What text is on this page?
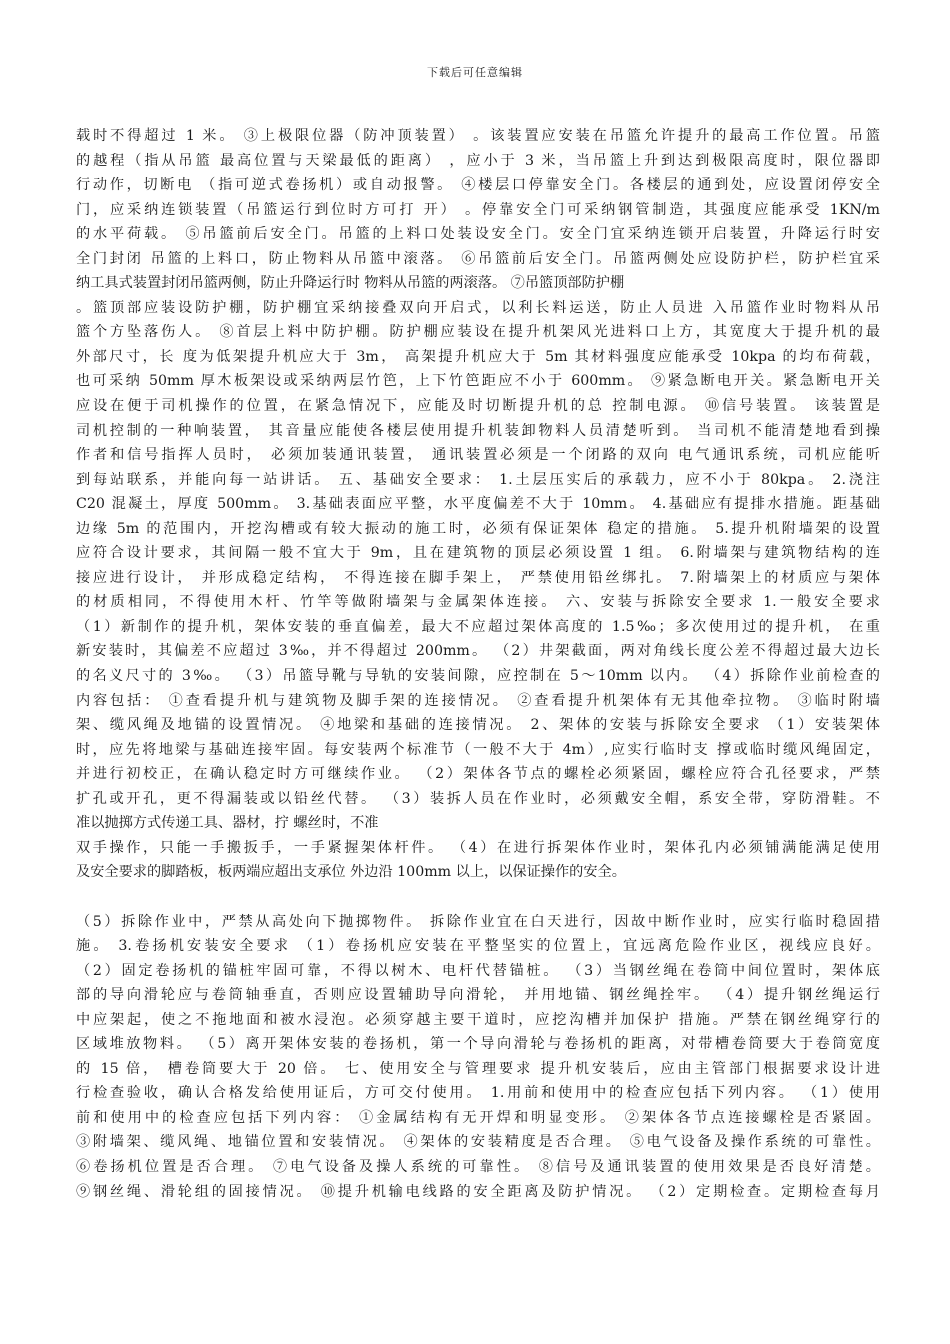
下载后可任意编辑
载时不得超过 1 米。 ③上极限位器（防冲顶装置） 。该装置应安装在吊篮允许提升的最高工作位置。吊篮
的越程（指从吊篮 最高位置与天梁最低的距离） ，应小于 3 米，当吊篮上升到达到极限高度时，限位器即
行动作，切断电 （指可逆式卷扬机）或自动报警。 ④楼层口停靠安全门。各楼层的通到处，应设置闭停安全
门，应采纳连锁装置（吊篮运行到位时方可打 开） 。停靠安全门可采纳钢管制造，其强度应能承受 1KN/m
的水平荷载。 ⑤吊篮前后安全门。吊篮的上料口处装设安全门。安全门宜采纳连锁开启装置，升降运行时安
全门封闭 吊篮的上料口，防止物料从吊篮中滚落。 ⑥吊篮前后安全门。吊篮两侧处应设防护栏，防护栏宜采
纳工具式装置封闭吊篮两侧，防止升降运行时 物料从吊篮的两滚落。 ⑦吊篮顶部防护棚
。篮顶部应装设防护棚，防护棚宜采纳接叠双向开启式，以利长料运送，防止人员进 入吊篮作业时物料从吊
篮个方坠落伤人。 ⑧首层上料中防护棚。防护棚应装设在提升机架风光进料口上方，其宽度大于提升机的最
外部尺寸，长 度为低架提升机应大于 3m， 高架提升机应大于 5m 其材料强度应能承受 10kpa 的均布荷载，
也可采纳 50mm 厚木板架设或采纳两层竹笆，上下竹笆距应不小于 600mm。 ⑨紧急断电开关。紧急断电开关
应设在便于司机操作的位置，在紧急情况下，应能及时切断提升机的总 控制电源。 ⑩信号装置。 该装置是
司机控制的一种响装置， 其音量应能使各楼层使用提升机装卸物料人员清楚听到。 当司机不能清楚地看到操
作者和信号指挥人员时， 必须加装通讯装置， 通讯装置必须是一个闭路的双向 电气通讯系统，司机应能听
到每站联系，并能向每一站讲话。 五、基础安全要求： 1.土层压实后的承载力，应不小于 80kpa。 2.浇注
C20 混凝土，厚度 500mm。 3.基础表面应平整，水平度偏差不大于 10mm。 4.基础应有提排水措施。距基础
边缘 5m 的范围内，开挖沟槽或有较大振动的施工时，必须有保证架体 稳定的措施。 5.提升机附墙架的设置
应符合设计要求，其间隔一般不宜大于 9m，且在建筑物的顶层必须设置 1 组。 6.附墙架与建筑物结构的连
接应进行设计， 并形成稳定结构， 不得连接在脚手架上， 严禁使用铅丝绑扎。 7.附墙架上的材质应与架体
的材质相同，不得使用木杆、竹竿等做附墙架与金属架体连接。 六、安装与拆除安全要求 1.一般安全要求
（1）新制作的提升机，架体安装的垂直偏差，最大不应超过架体高度的 1.5‰；多次使用过的提升机， 在重
新安装时，其偏差不应超过 3‰，并不得超过 200mm。 （2）井架截面，两对角线长度公差不得超过最大边长
的名义尺寸的 3‰。 （3）吊篮导靴与导轨的安装间隙，应控制在 5～10mm 以内。 （4）拆除作业前检查的
内容包括： ①查看提升机与建筑物及脚手架的连接情况。 ②查看提升机架体有无其他牵拉物。 ③临时附墙
架、缆风绳及地锚的设置情况。 ④地梁和基础的连接情况。 2、架体的安装与拆除安全要求 （1）安装架体
时，应先将地梁与基础连接牢固。每安装两个标准节（一般不大于 4m）,应实行临时支 撑或临时缆风绳固定，
并进行初校正，在确认稳定时方可继续作业。 （2）架体各节点的螺栓必须紧固，螺栓应符合孔径要求，严禁
扩孔或开孔，更不得漏装或以铅丝代替。 （3）装拆人员在作业时，必须戴安全帽，系安全带，穿防滑鞋。不
准以抛掷方式传递工具、器材，拧 螺丝时，不准
双手操作，只能一手搬扳手，一手紧握架体杆件。 （4）在进行拆架体作业时，架体孔内必须铺满能满足使用
及安全要求的脚踏板，板两端应超出支承位 外边沿 100mm 以上，以保证操作的安全。
（5）拆除作业中，严禁从高处向下抛掷物件。 拆除作业宜在白天进行，因故中断作业时，应实行临时稳固措
施。 3.卷扬机安装安全要求 （1）卷扬机应安装在平整坚实的位置上，宜远离危险作业区，视线应良好。
（2）固定卷扬机的锚桩牢固可靠，不得以树木、电杆代替锚桩。 （3）当钢丝绳在卷筒中间位置时，架体底
部的导向滑轮应与卷筒轴垂直，否则应设置辅助导向滑轮， 并用地锚、钢丝绳拴牢。 （4）提升钢丝绳运行
中应架起，使之不拖地面和被水浸泡。必须穿越主要干道时，应挖沟槽并加保护 措施。严禁在钢丝绳穿行的
区域堆放物料。 （5）离开架体安装的卷扬机，第一个导向滑轮与卷扬机的距离，对带槽卷筒要大于卷筒宽度
的 15 倍， 槽卷筒要大于 20 倍。 七、使用安全与管理要求 提升机安装后，应由主管部门根据要求设计进
行检查验收，确认合格发给使用证后，方可交付使用。 1.用前和使用中的检查应包括下列内容。 （1）使用
前和使用中的检查应包括下列内容： ①金属结构有无开焊和明显变形。 ②架体各节点连接螺栓是否紧固。
③附墙架、缆风绳、地锚位置和安装情况。 ④架体的安装精度是否合理。 ⑤电气设备及操作系统的可靠性。
⑥卷扬机位置是否合理。 ⑦电气设备及操人系统的可靠性。 ⑧信号及通讯装置的使用效果是否良好清楚。
⑨钢丝绳、滑轮组的固接情况。 ⑩提升机输电线路的安全距离及防护情况。 （2）定期检查。定期检查每月
